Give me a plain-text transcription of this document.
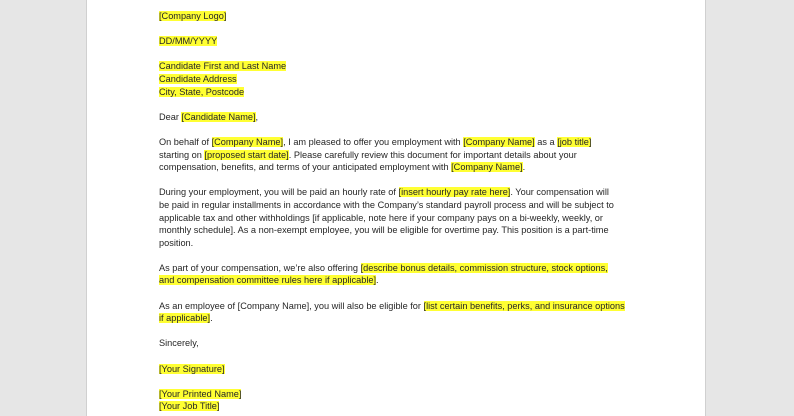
[Company Logo]
DD/MM/YYYY
Candidate First and Last Name
Candidate Address
City, State, Postcode
Dear [Candidate Name],
On behalf of [Company Name], I am pleased to offer you employment with [Company Name] as a [job title]
starting on [proposed start date]. Please carefully review this document for important details about your
compensation, benefits, and terms of your anticipated employment with [Company Name].
During your employment, you will be paid an hourly rate of [insert hourly pay rate here]. Your compensation will
be paid in regular installments in accordance with the Company’s standard payroll process and will be subject to
applicable tax and other withholdings [if applicable, note here if your company pays on a bi-weekly, weekly, or
monthly schedule]. As a non-exempt employee, you will be eligible for overtime pay. This position is a part-time
position.
As part of your compensation, we’re also offering [describe bonus details, commission structure, stock options,
and compensation committee rules here if applicable].
As an employee of [Company Name], you will also be eligible for [list certain benefits, perks, and insurance options
if applicable].
Sincerely,
[Your Signature]
[Your Printed Name]
[Your Job Title]
